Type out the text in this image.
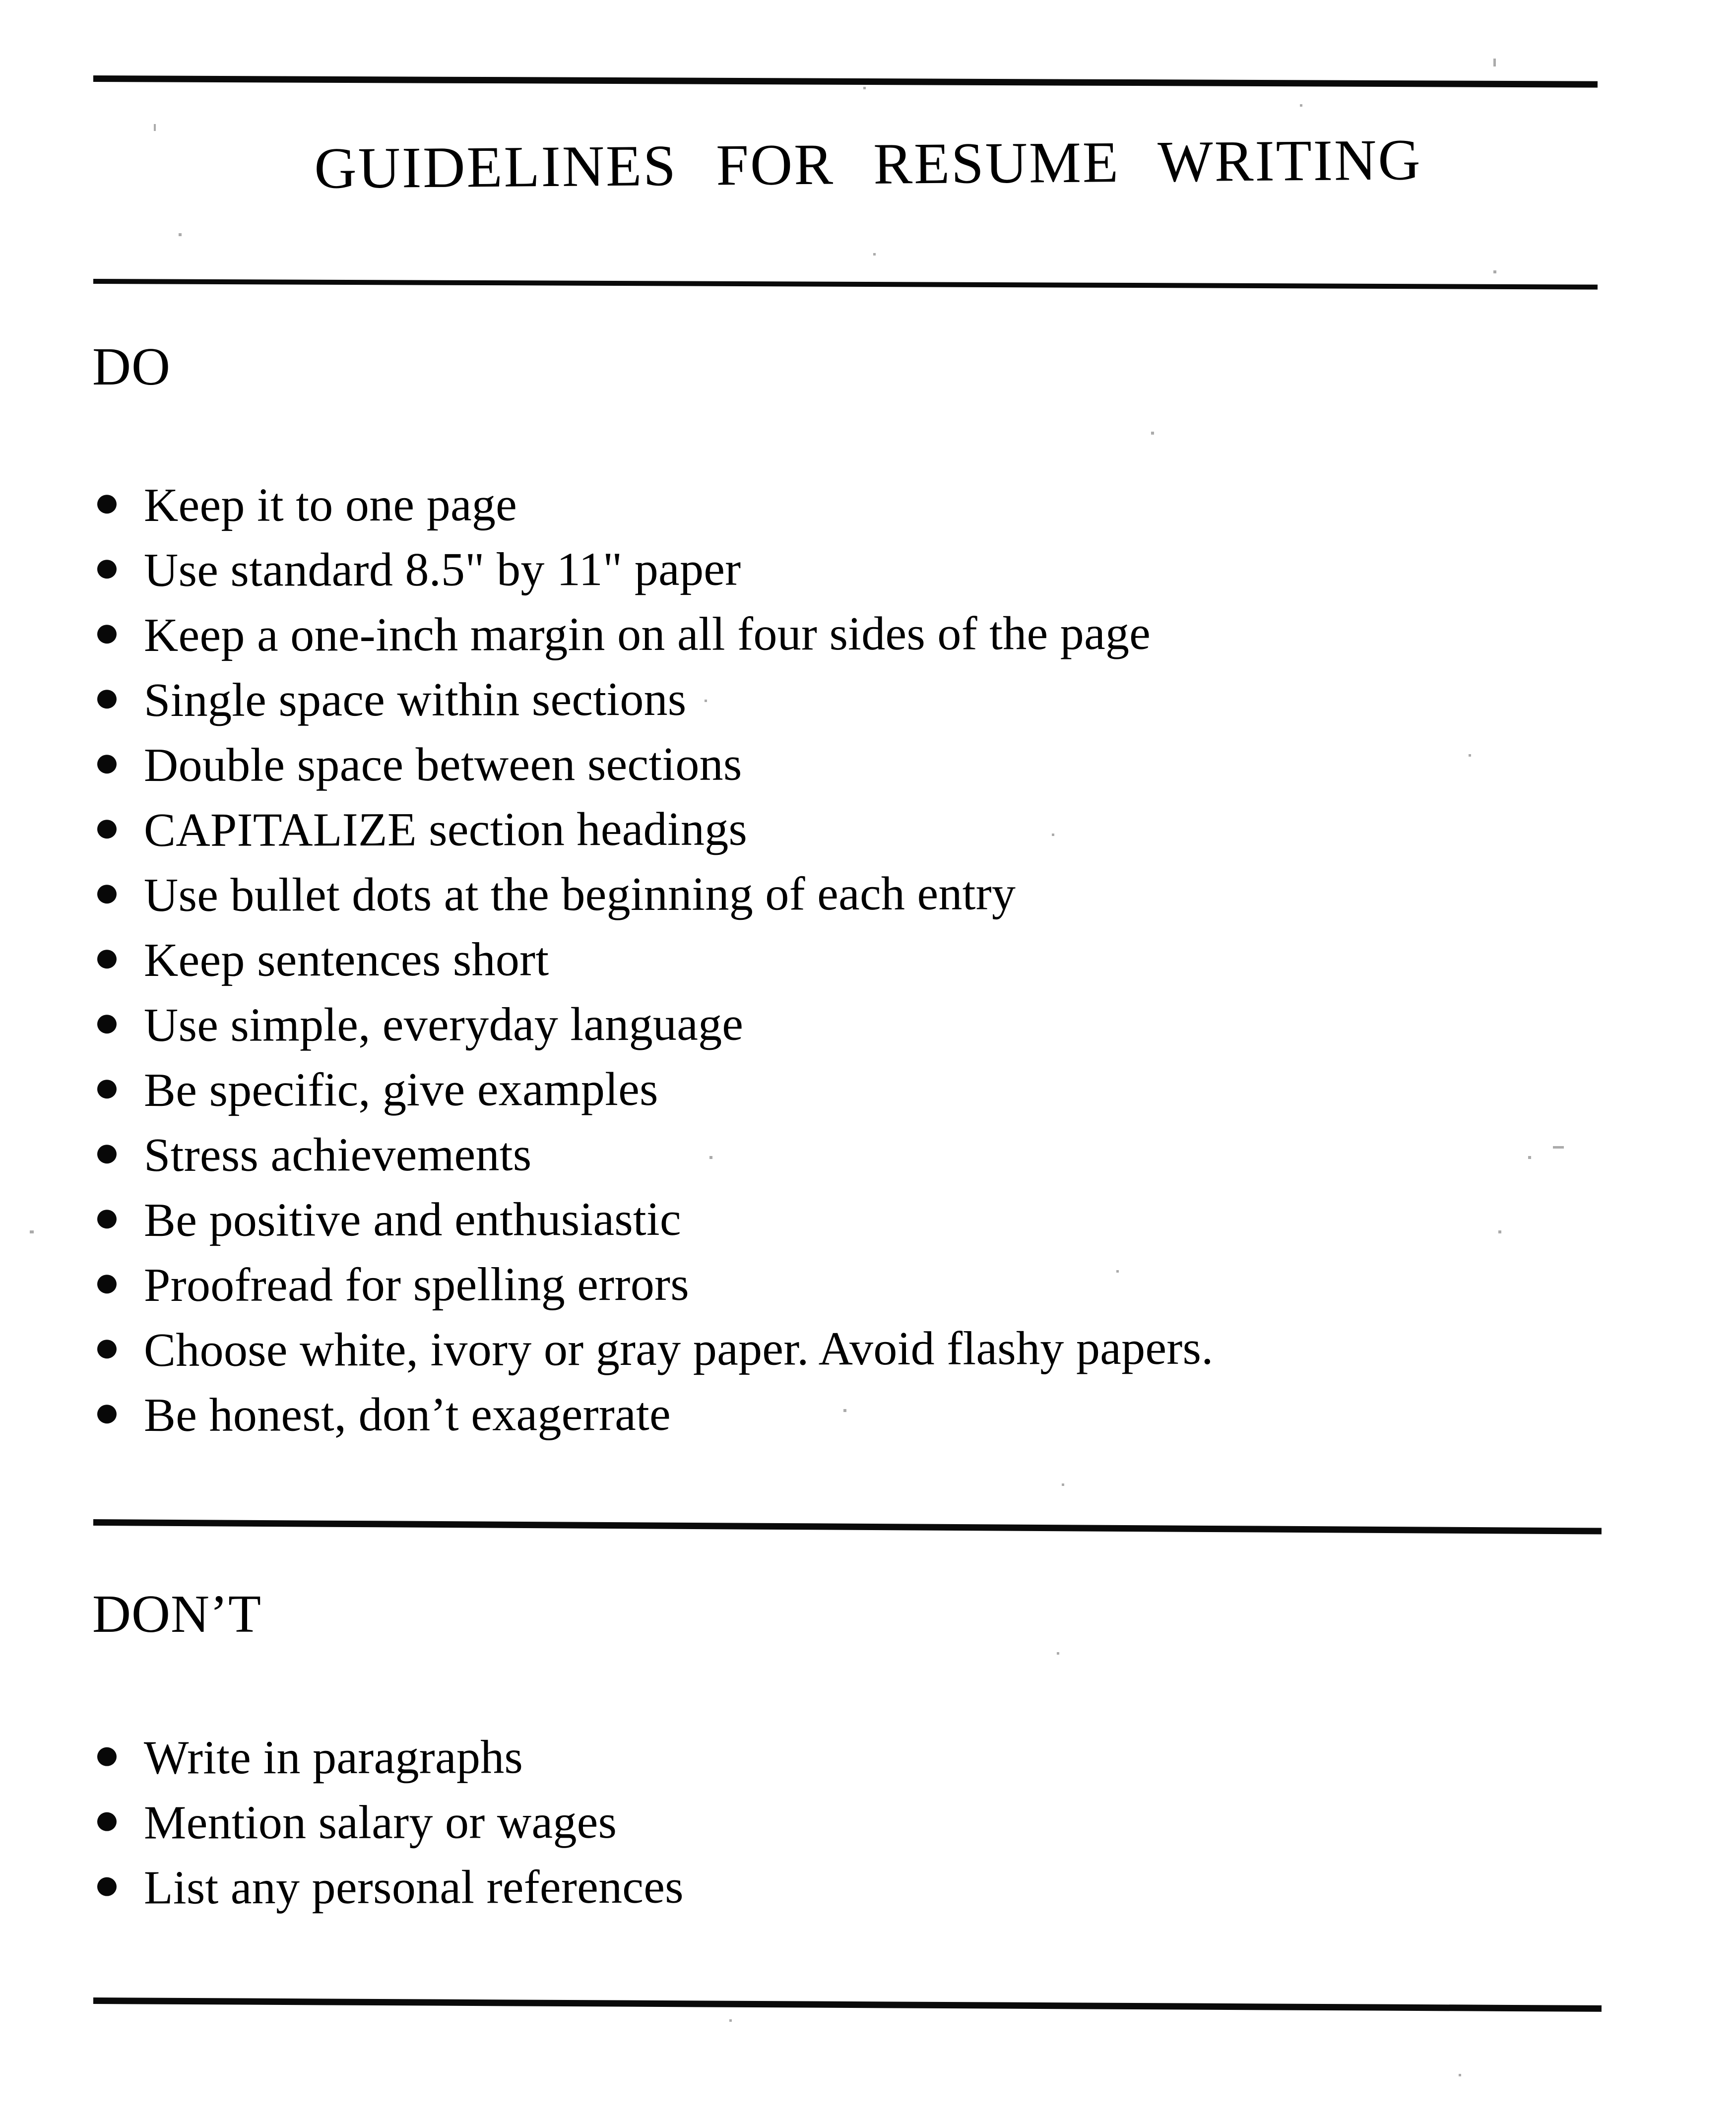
GUIDELINES FOR RESUME WRITING
DO
Keep it to one page
Use standard 8.5" by 11" paper
Keep a one-inch margin on all four sides of the page
Single space within sections
Double space between sections
CAPITALIZE section headings
Use bullet dots at the beginning of each entry
Keep sentences short
Use simple, everyday language
Be specific, give examples
Stress achievements
Be positive and enthusiastic
Proofread for spelling errors
Choose white, ivory or gray paper. Avoid flashy papers.
Be honest, don’t exagerrate
DON’T
Write in paragraphs
Mention salary or wages
List any personal references
